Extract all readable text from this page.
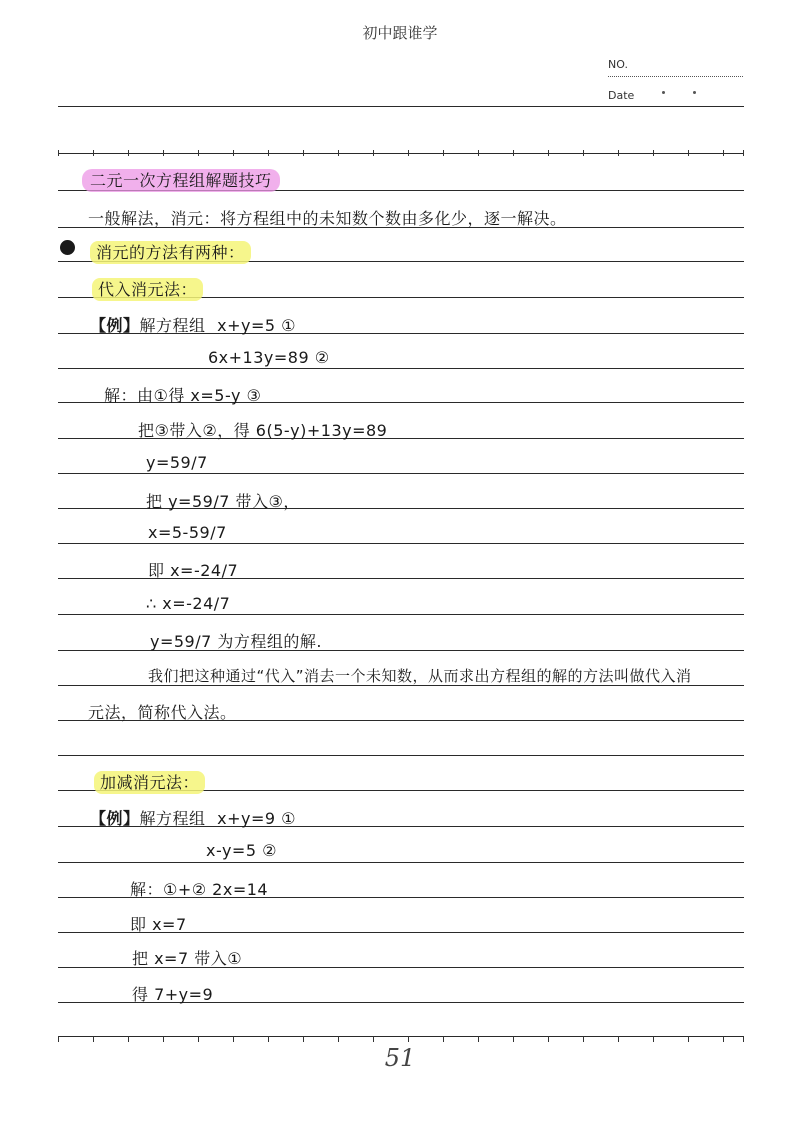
初中跟谁学
NO.
Date
二元一次方程组解题技巧
一般解法，消元：将方程组中的未知数个数由多化少，逐一解决。
消元的方法有两种：
代入消元法：
【例】解方程组 x+y=5 ①
6x+13y=89 ②
解：由①得 x=5-y ③
把③带入②，得 6(5-y)+13y=89
y=59/7
把 y=59/7 带入③，
x=5-59/7
即 x=-24/7
∴ x=-24/7
y=59/7 为方程组的解.
我们把这种通过“代入”消去一个未知数，从而求出方程组的解的方法叫做代入消
元法，简称代入法。
加减消元法：
【例】解方程组 x+y=9 ①
x-y=5 ②
解：①+② 2x=14
即 x=7
把 x=7 带入①
得 7+y=9
51
